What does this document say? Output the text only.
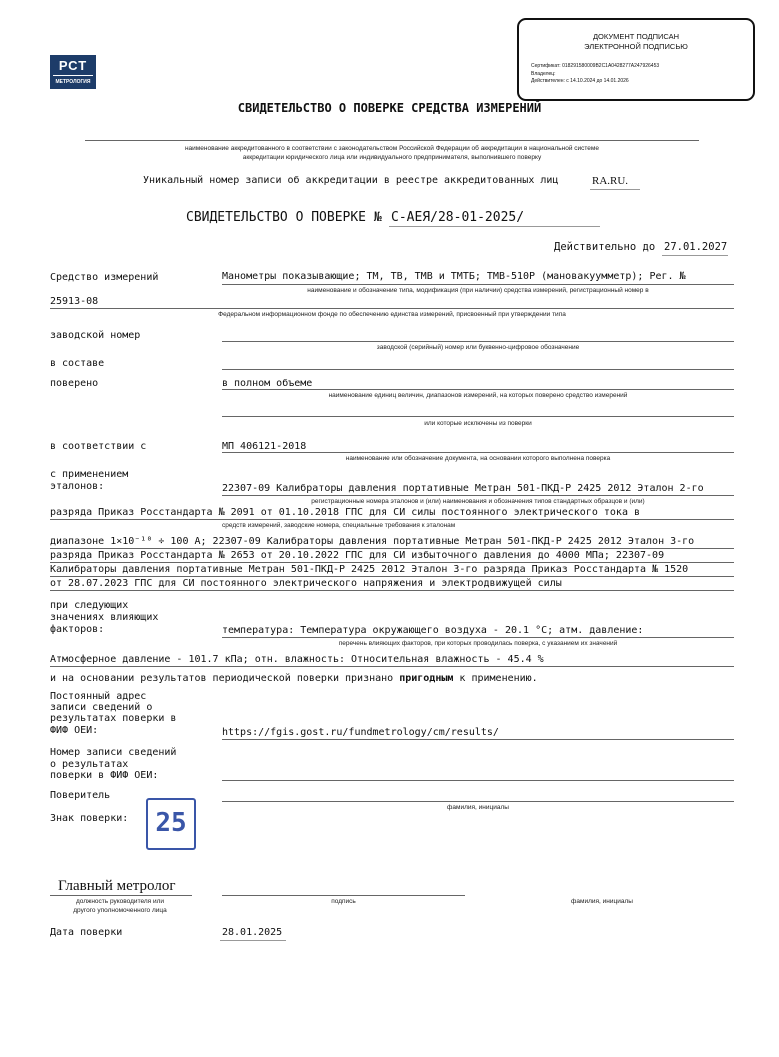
ДОКУМЕНТ ПОДПИСАН
ЭЛЕКТРОННОЙ ПОДПИСЬЮ
Сертификат: 018291580009B2C1A0428277A247926453
Владелец:
Действителен: с 14.10.2024 до 14.01.2026
РСТ
МЕТРОЛОГИЯ
СВИДЕТЕЛЬСТВО О ПОВЕРКЕ СРЕДСТВА ИЗМЕРЕНИЙ
наименование аккредитованного в соответствии с законодательством Российской Федерации об аккредитации в национальной системе
аккредитации юридического лица или индивидуального предпринимателя, выполнившего поверку
Уникальный номер записи об аккредитации в реестре аккредитованных лиц	RA.RU.
СВИДЕТЕЛЬСТВО О ПОВЕРКЕ № С-АЕЯ/28-01-2025/
Действительно до 27.01.2027
Средство измерений	Манометры показывающие; ТМ, ТВ, ТМВ и ТМТБ; ТМВ-510Р (мановакуумметр); Рег. №
наименование и обозначение типа, модификация (при наличии) средства измерений, регистрационный номер в
25913-08
Федеральном информационном фонде по обеспечению единства измерений, присвоенный при утверждении типа
заводской номер
заводской (серийный) номер или буквенно-цифровое обозначение
в составе
поверено	в полном объеме
наименование единиц величин, диапазонов измерений, на которых поверено средство измерений
или которые исключены из поверки
в соответствии с	МП 406121-2018
наименование или обозначение документа, на основании которого выполнена поверка
с применением
эталонов:	22307-09 Калибраторы давления портативные Метран 501-ПКД-Р 2425 2012 Эталон 2-го
регистрационные номера эталонов и (или) наименования и обозначения типов стандартных образцов и (или)
разряда Приказ Росстандарта № 2091 от 01.10.2018 ГПС для СИ силы постоянного электрического тока в
средств измерений, заводские номера, специальные требования к эталонам
диапазоне 1×10⁻¹⁰ ÷ 100 А; 22307-09 Калибраторы давления портативные Метран 501-ПКД-Р 2425 2012 Эталон 3-го
разряда Приказ Росстандарта № 2653 от 20.10.2022 ГПС для СИ избыточного давления до 4000 МПа; 22307-09
Калибраторы давления портативные Метран 501-ПКД-Р 2425 2012 Эталон 3-го разряда Приказ Росстандарта № 1520
от 28.07.2023 ГПС для СИ постоянного электрического напряжения и электродвижущей силы
при следующих
значениях влияющих
факторов:	температура: Температура окружающего воздуха - 20.1 °С; атм. давление:
перечень влияющих факторов, при которых проводилась поверка, с указанием их значений
Атмосферное давление - 101.7 кПа; отн. влажность: Относительная влажность - 45.4 %
и на основании результатов периодической поверки признано пригодным к применению.
Постоянный адрес
записи сведений о
результатах поверки в
ФИФ ОЕИ:	https://fgis.gost.ru/fundmetrology/cm/results/
Номер записи сведений
о результатах
поверки в ФИФ ОЕИ:
Поверитель
фамилия, инициалы
Знак поверки:	25
Главный метролог
должность руководителя или
другого уполномоченного лица
подпись	фамилия, инициалы
Дата поверки	28.01.2025
